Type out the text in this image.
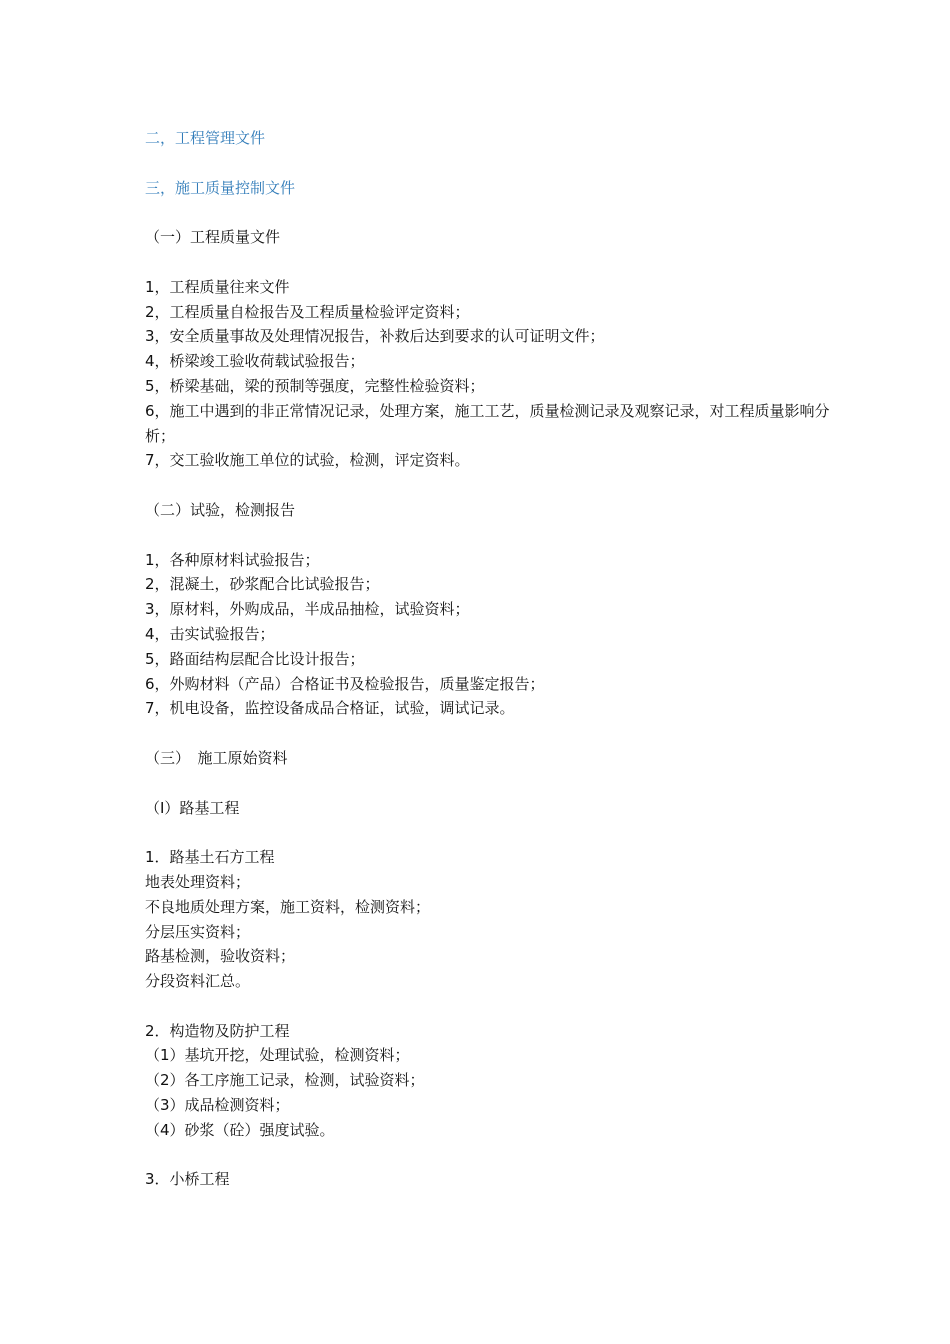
二，工程管理文件
三，施工质量控制文件
（一）工程质量文件
1，工程质量往来文件
2，工程质量自检报告及工程质量检验评定资料；
3，安全质量事故及处理情况报告，补救后达到要求的认可证明文件；
4，桥梁竣工验收荷载试验报告；
5，桥梁基础，梁的预制等强度，完整性检验资料；
6，施工中遇到的非正常情况记录，处理方案，施工工艺，质量检测记录及观察记录，对工程质量影响分析；
7，交工验收施工单位的试验，检测，评定资料。
（二）试验，检测报告
1，各种原材料试验报告；
2，混凝土，砂浆配合比试验报告；
3，原材料，外购成品，半成品抽检，试验资料；
4，击实试验报告；
5，路面结构层配合比设计报告；
6，外购材料（产品）合格证书及检验报告，质量鉴定报告；
7，机电设备，监控设备成品合格证，试验，调试记录。
（三）　施工原始资料
（Ⅰ）路基工程
1．路基土石方工程
地表处理资料；
不良地质处理方案，施工资料，检测资料；
分层压实资料；
路基检测，验收资料；
分段资料汇总。
2．构造物及防护工程
（1）基坑开挖，处理试验，检测资料；
（2）各工序施工记录，检测，试验资料；
（3）成品检测资料；
（4）砂浆（砼）强度试验。
3．小桥工程
